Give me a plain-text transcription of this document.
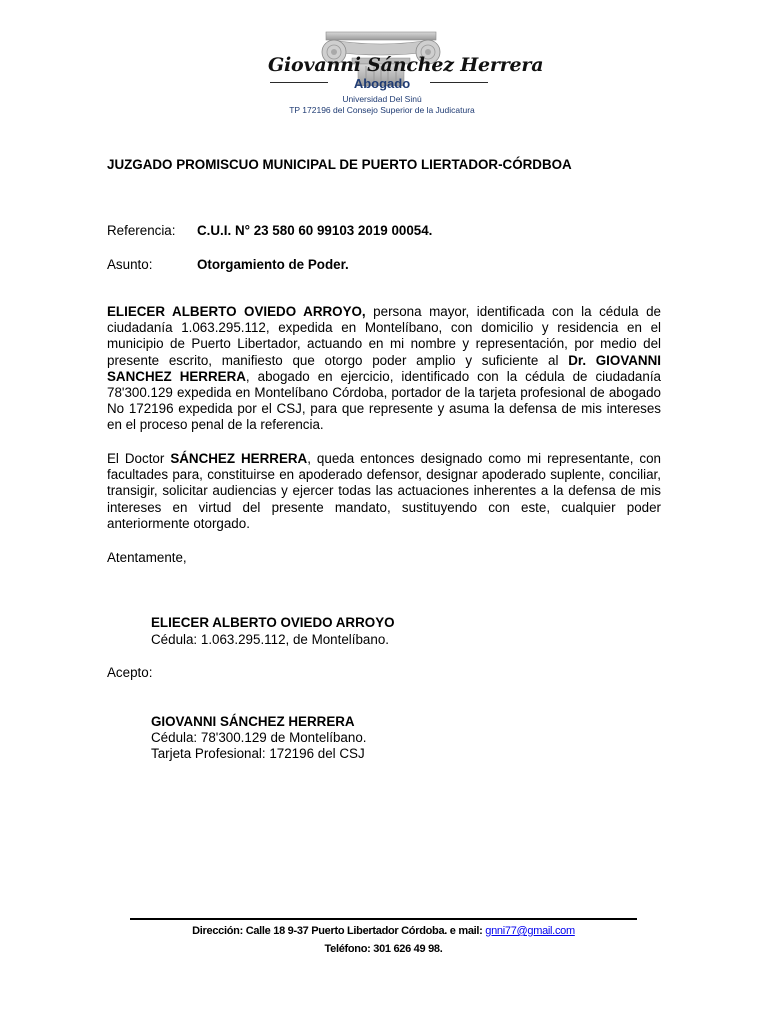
Giovanni Sánchez Herrera
Abogado
Universidad Del Sinú
TP 172196 del Consejo Superior de la Judicatura
JUZGADO PROMISCUO MUNICIPAL DE PUERTO LIERTADOR-CÓRDBOA
Referencia: C.U.I. N° 23 580 60 99103 2019 00054.
Asunto:	Otorgamiento de Poder.
ELIECER ALBERTO OVIEDO ARROYO, persona mayor, identificada con la cédula de ciudadanía 1.063.295.112, expedida en Montelíbano, con domicilio y residencia en el municipio de Puerto Libertador, actuando en mi nombre y representación, por medio del presente escrito, manifiesto que otorgo poder amplio y suficiente al Dr. GIOVANNI SANCHEZ HERRERA, abogado en ejercicio, identificado con la cédula de ciudadanía 78'300.129 expedida en Montelíbano Córdoba, portador de la tarjeta profesional de abogado No 172196 expedida por el CSJ, para que represente y asuma la defensa de mis intereses en el proceso penal de la referencia.
El Doctor SÁNCHEZ HERRERA, queda entonces designado como mi representante, con facultades para, constituirse en apoderado defensor, designar apoderado suplente, conciliar, transigir, solicitar audiencias y ejercer todas las actuaciones inherentes a la defensa de mis intereses en virtud del presente mandato, sustituyendo con este, cualquier poder anteriormente otorgado.
Atentamente,
ELIECER ALBERTO OVIEDO ARROYO
Cédula: 1.063.295.112, de Montelíbano.
Acepto:
GIOVANNI SÁNCHEZ HERRERA
Cédula: 78'300.129 de Montelíbano.
Tarjeta Profesional: 172196 del CSJ
Dirección: Calle 18 9-37 Puerto Libertador Córdoba. e mail: gnni77@gmail.com
Teléfono: 301 626 49 98.
